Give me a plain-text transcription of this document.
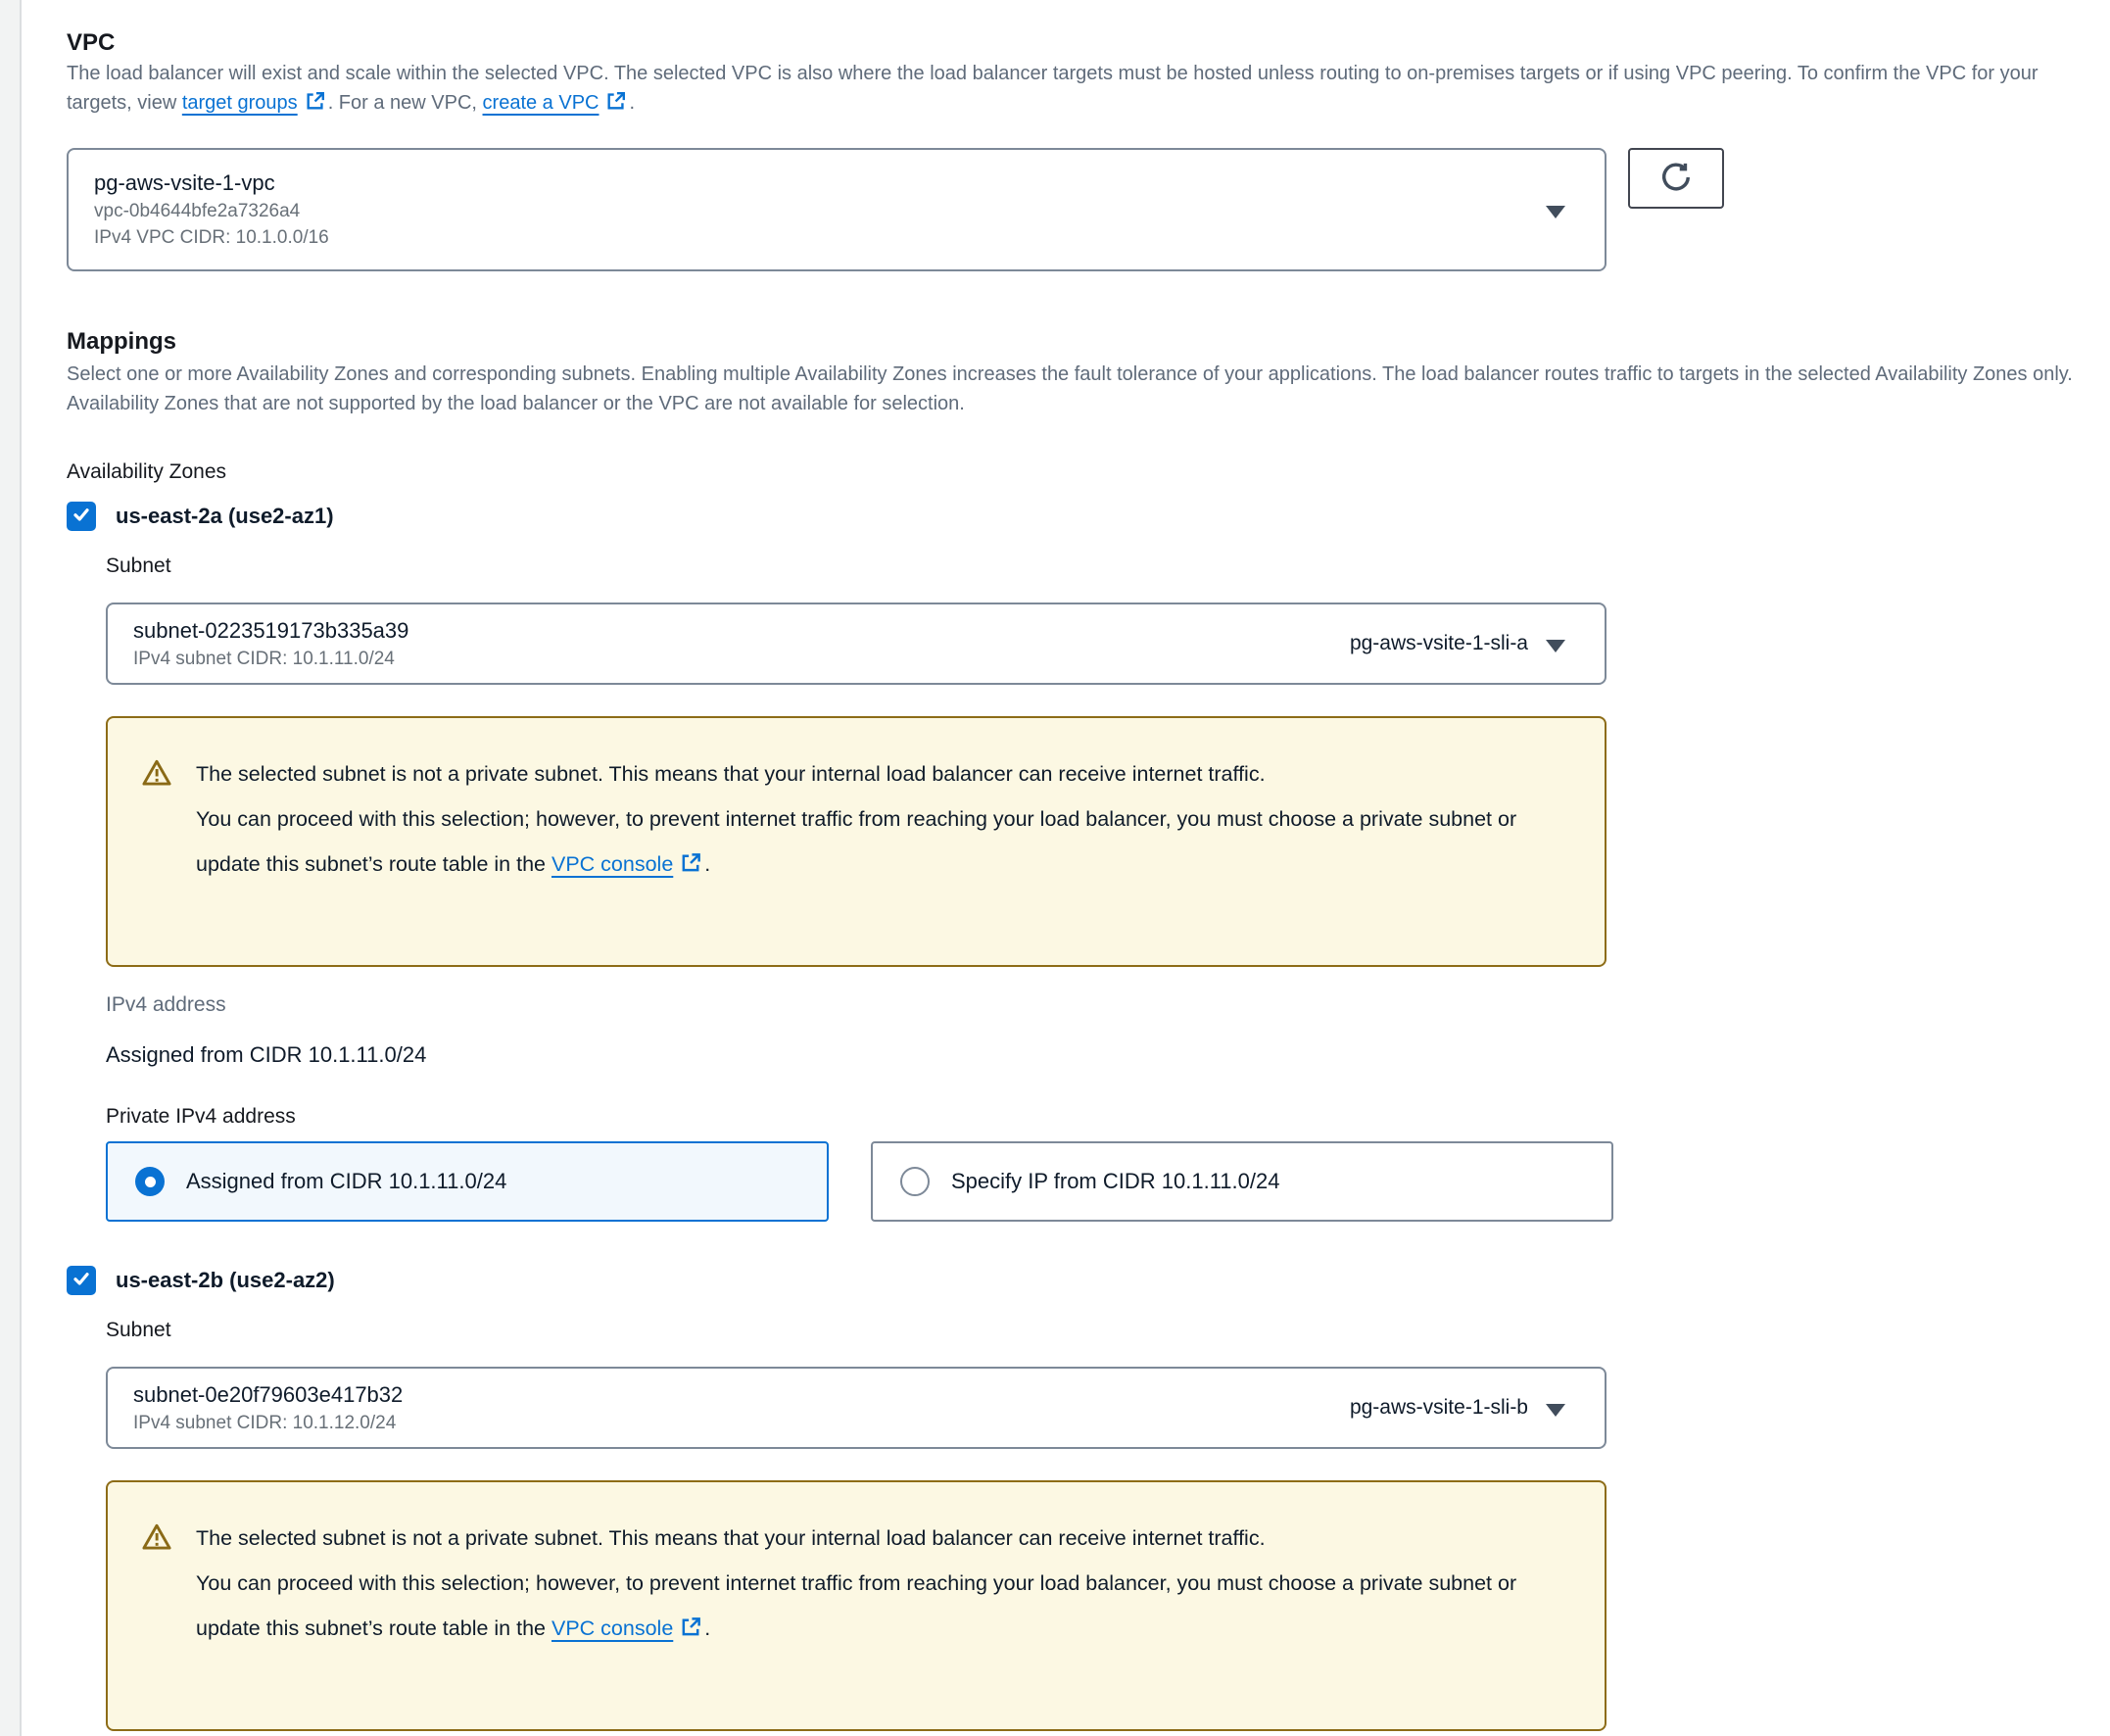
VPC

The load balancer will exist and scale within the selected VPC. The selected VPC is also where the load balancer targets must be hosted unless routing to on-premises targets or if using VPC peering. To confirm the VPC for your targets, view target groups . For a new VPC, create a VPC .

pg-aws-vsite-1-vpc
vpc-0b4644bfe2a7326a4
IPv4 VPC CIDR: 10.1.0.0/16
Mappings

Select one or more Availability Zones and corresponding subnets. Enabling multiple Availability Zones increases the fault tolerance of your applications. The load balancer routes traffic to targets in the selected Availability Zones only. Availability Zones that are not supported by the load balancer or the VPC are not available for selection.

Availability Zones
us-east-2a (use2-az1)
Subnet
subnet-0223519173b335a39
IPv4 subnet CIDR: 10.1.11.0/24
pg-aws-vsite-1-sli-a
The selected subnet is not a private subnet. This means that your internal load balancer can receive internet traffic.
You can proceed with this selection; however, to prevent internet traffic from reaching your load balancer, you must choose a private subnet or update this subnet’s route table in the VPC console .
IPv4 address
Assigned from CIDR 10.1.11.0/24
Private IPv4 address
Assigned from CIDR 10.1.11.0/24	Specify IP from CIDR 10.1.11.0/24
us-east-2b (use2-az2)
Subnet
subnet-0e20f79603e417b32
IPv4 subnet CIDR: 10.1.12.0/24
pg-aws-vsite-1-sli-b
The selected subnet is not a private subnet. This means that your internal load balancer can receive internet traffic.
You can proceed with this selection; however, to prevent internet traffic from reaching your load balancer, you must choose a private subnet or update this subnet’s route table in the VPC console .
